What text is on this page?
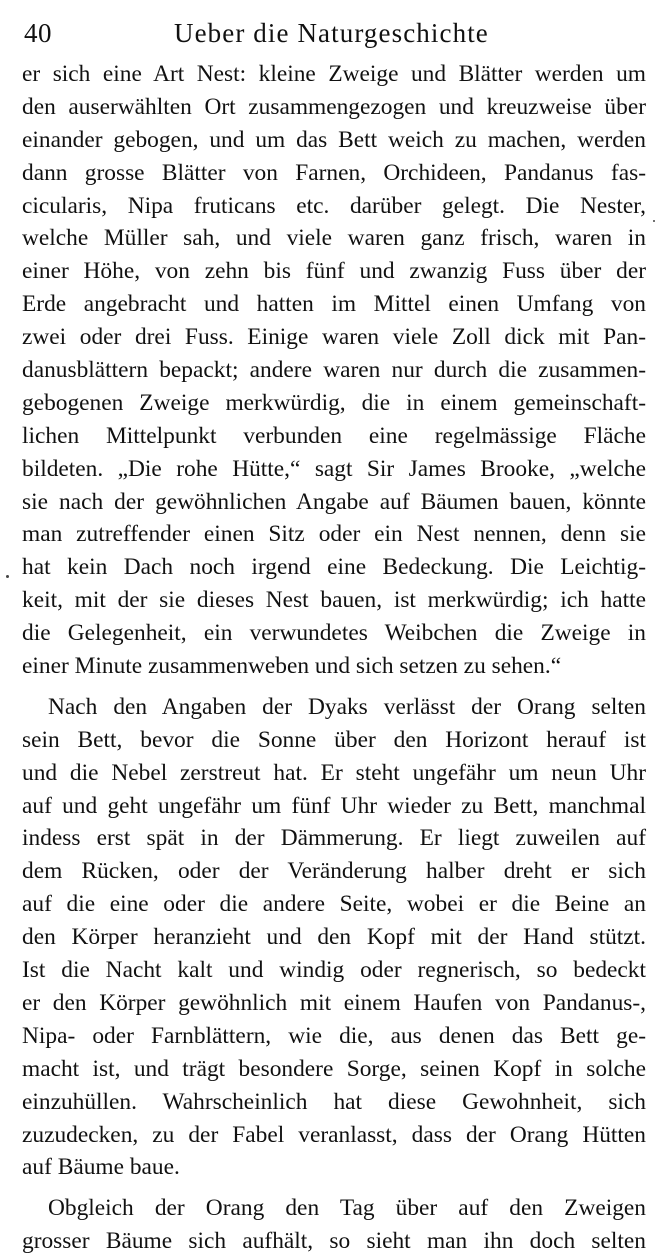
40	Ueber die Naturgeschichte
er sich eine Art Nest: kleine Zweige und Blätter werden um
den auserwählten Ort zusammengezogen und kreuzweise über
einander gebogen, und um das Bett weich zu machen, werden
dann grosse Blätter von Farnen, Orchideen, Pandanus fas-
cicularis, Nipa fruticans etc. darüber gelegt. Die Nester,
welche Müller sah, und viele waren ganz frisch, waren in
einer Höhe, von zehn bis fünf und zwanzig Fuss über der
Erde angebracht und hatten im Mittel einen Umfang von
zwei oder drei Fuss. Einige waren viele Zoll dick mit Pan-
danusblättern bepackt; andere waren nur durch die zusammen-
gebogenen Zweige merkwürdig, die in einem gemeinschaft-
lichen Mittelpunkt verbunden eine regelmässige Fläche
bildeten. „Die rohe Hütte,“ sagt Sir James Brooke, „welche
sie nach der gewöhnlichen Angabe auf Bäumen bauen, könnte
man zutreffender einen Sitz oder ein Nest nennen, denn sie
hat kein Dach noch irgend eine Bedeckung. Die Leichtig-
keit, mit der sie dieses Nest bauen, ist merkwürdig; ich hatte
die Gelegenheit, ein verwundetes Weibchen die Zweige in
einer Minute zusammenweben und sich setzen zu sehen.“
Nach den Angaben der Dyaks verlässt der Orang selten
sein Bett, bevor die Sonne über den Horizont herauf ist
und die Nebel zerstreut hat. Er steht ungefähr um neun Uhr
auf und geht ungefähr um fünf Uhr wieder zu Bett, manchmal
indess erst spät in der Dämmerung. Er liegt zuweilen auf
dem Rücken, oder der Veränderung halber dreht er sich
auf die eine oder die andere Seite, wobei er die Beine an
den Körper heranzieht und den Kopf mit der Hand stützt.
Ist die Nacht kalt und windig oder regnerisch, so bedeckt
er den Körper gewöhnlich mit einem Haufen von Pandanus-,
Nipa- oder Farnblättern, wie die, aus denen das Bett ge-
macht ist, und trägt besondere Sorge, seinen Kopf in solche
einzuhüllen. Wahrscheinlich hat diese Gewohnheit, sich
zuzudecken, zu der Fabel veranlasst, dass der Orang Hütten
auf Bäume baue.
Obgleich der Orang den Tag über auf den Zweigen
grosser Bäume sich aufhält, so sieht man ihn doch selten
